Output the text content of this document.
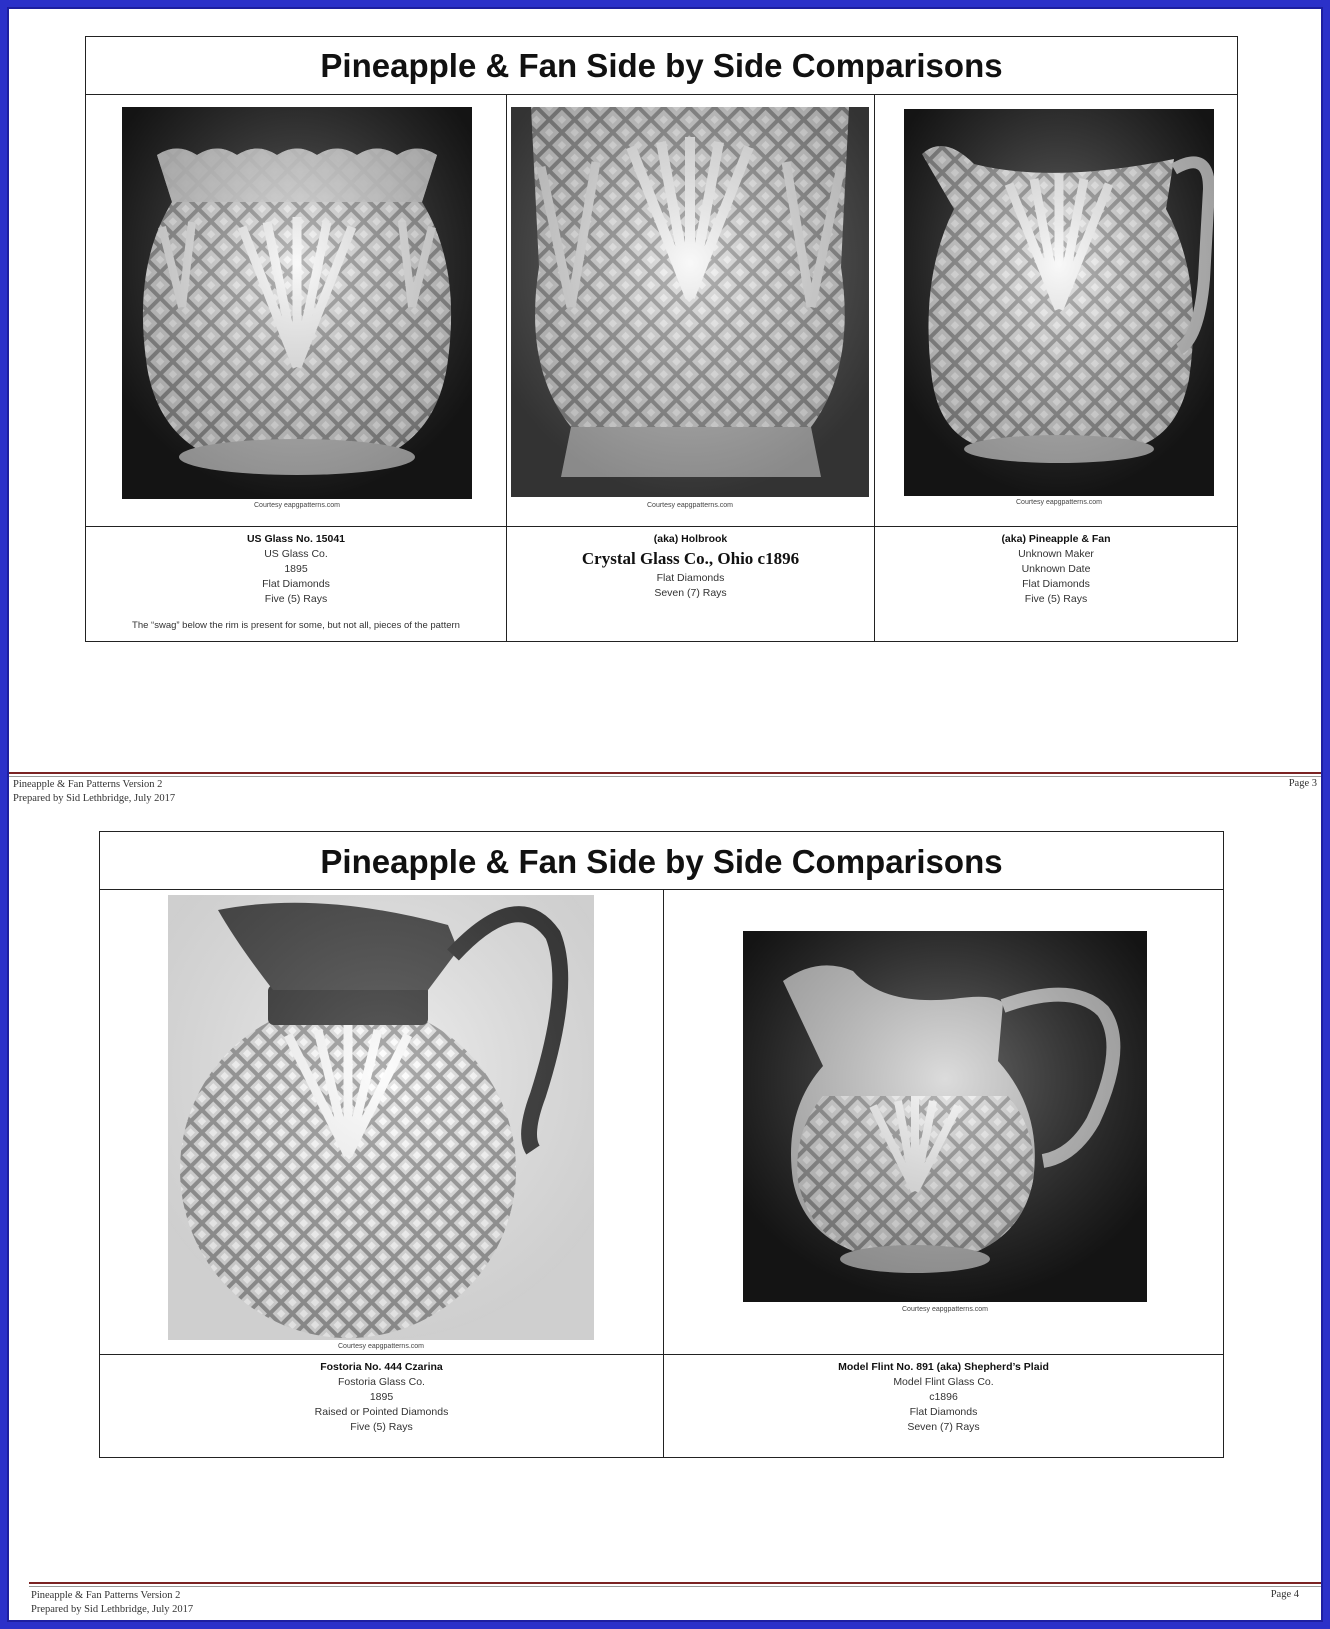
Pineapple & Fan Side by Side Comparisons
Courtesy eapgpatterns.com	Courtesy eapgpatterns.com	Courtesy eapgpatterns.com
US Glass No. 15041
US Glass Co.
1895
Flat Diamonds
Five (5) Rays
The “swag” below the rim is present for some, but not all, pieces of the pattern
(aka) Holbrook
Crystal Glass Co., Ohio c1896
Flat Diamonds
Seven (7) Rays
(aka) Pineapple & Fan
Unknown Maker
Unknown Date
Flat Diamonds
Five (5) Rays
Pineapple & Fan Patterns Version 2
Prepared by Sid Lethbridge, July 2017
Page 3
Pineapple & Fan Side by Side Comparisons
Courtesy eapgpatterns.com
Courtesy eapgpatterns.com
Fostoria No. 444 Czarina
Fostoria Glass Co.
1895
Raised or Pointed Diamonds
Five (5) Rays
Model Flint No. 891 (aka) Shepherd’s Plaid
Model Flint Glass Co.
c1896
Flat Diamonds
Seven (7) Rays
Pineapple & Fan Patterns Version 2
Prepared by Sid Lethbridge, July 2017
Page 4
